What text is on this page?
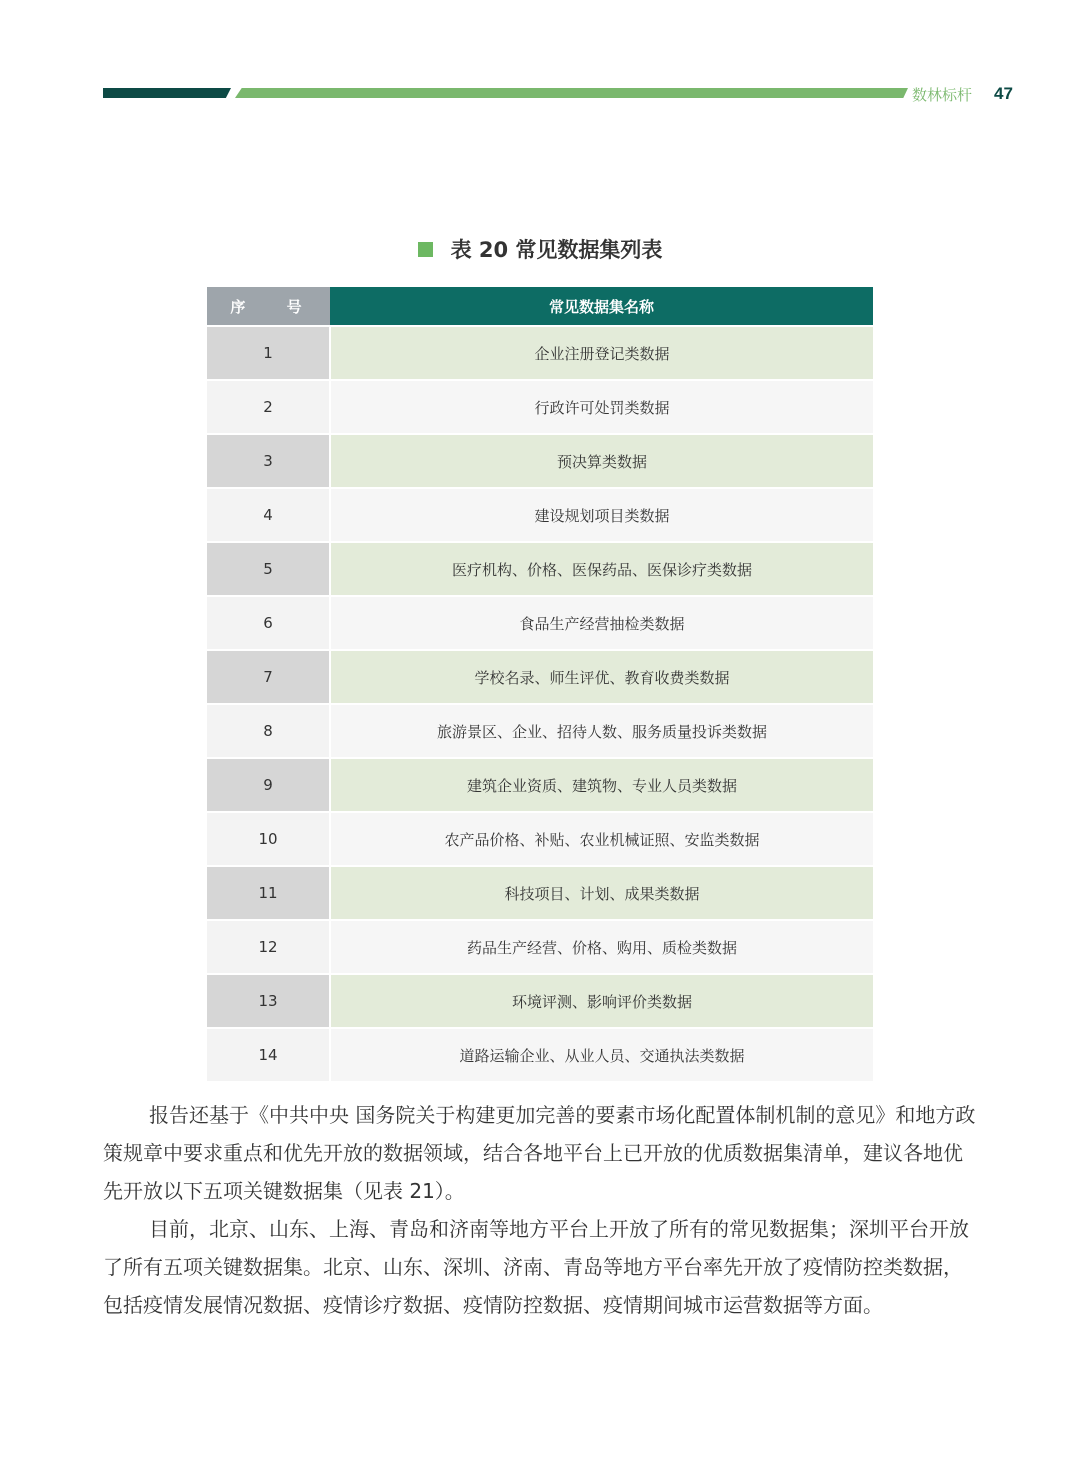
数林标杆 47
表 20 常见数据集列表
序 号	常见数据集名称
1	企业注册登记类数据
2	行政许可处罚类数据
3	预决算类数据
4	建设规划项目类数据
5	医疗机构、价格、医保药品、医保诊疗类数据
6	食品生产经营抽检类数据
7	学校名录、师生评优、教育收费类数据
8	旅游景区、企业、招待人数、服务质量投诉类数据
9	建筑企业资质、建筑物、专业人员类数据
10	农产品价格、补贴、农业机械证照、安监类数据
11	科技项目、计划、成果类数据
12	药品生产经营、价格、购用、质检类数据
13	环境评测、影响评价类数据
14	道路运输企业、从业人员、交通执法类数据
报告还基于《中共中央 国务院关于构建更加完善的要素市场化配置体制机制的意见》和地方政策规章中要求重点和优先开放的数据领域，结合各地平台上已开放的优质数据集清单，建议各地优先开放以下五项关键数据集（见表 21）。
目前，北京、山东、上海、青岛和济南等地方平台上开放了所有的常见数据集；深圳平台开放了所有五项关键数据集。北京、山东、深圳、济南、青岛等地方平台率先开放了疫情防控类数据，包括疫情发展情况数据、疫情诊疗数据、疫情防控数据、疫情期间城市运营数据等方面。
